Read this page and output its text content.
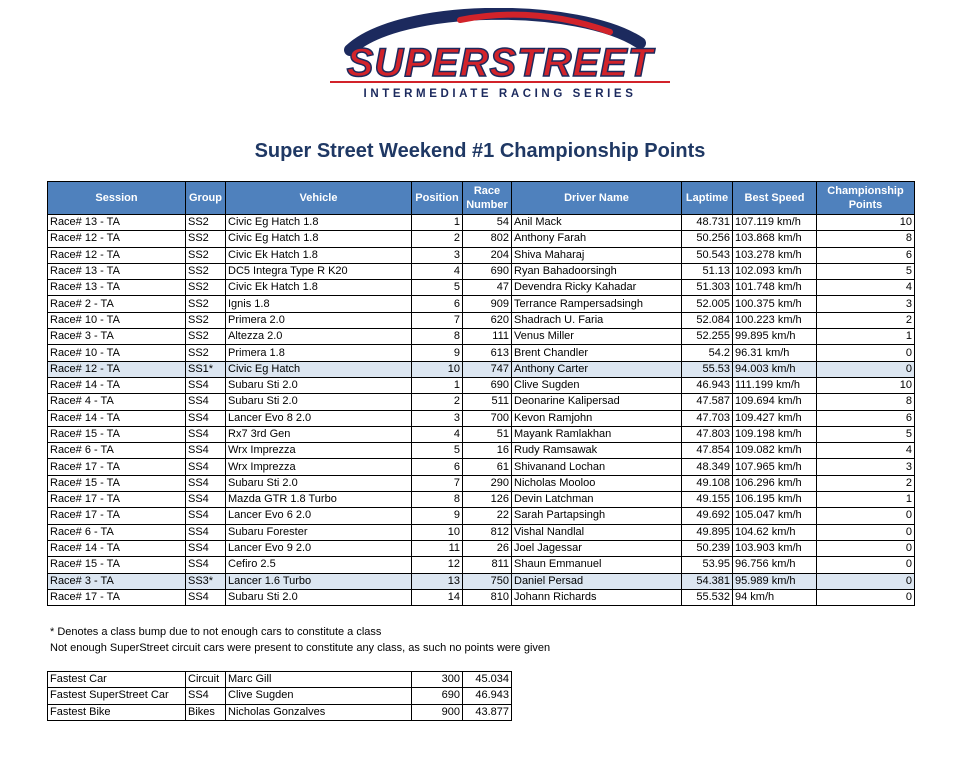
SUPERSTREET
INTERMEDIATE RACING SERIES
Super Street Weekend #1 Championship Points
Session	Group	Vehicle	Position	Race Number	Driver Name	Laptime	Best Speed	Championship Points
Race# 13 - TA	SS2	Civic Eg Hatch 1.8	1	54	Anil Mack	48.731	107.119 km/h	10
Race# 12 - TA	SS2	Civic Eg Hatch 1.8	2	802	Anthony Farah	50.256	103.868 km/h	8
Race# 12 - TA	SS2	Civic Ek Hatch 1.8	3	204	Shiva Maharaj	50.543	103.278 km/h	6
Race# 13 - TA	SS2	DC5 Integra Type R K20	4	690	Ryan Bahadoorsingh	51.13	102.093 km/h	5
Race# 13 - TA	SS2	Civic Ek Hatch 1.8	5	47	Devendra Ricky Kahadar	51.303	101.748 km/h	4
Race# 2 - TA	SS2	Ignis 1.8	6	909	Terrance Rampersadsingh	52.005	100.375 km/h	3
Race# 10 - TA	SS2	Primera 2.0	7	620	Shadrach U. Faria	52.084	100.223 km/h	2
Race# 3 - TA	SS2	Altezza 2.0	8	111	Venus Miller	52.255	99.895 km/h	1
Race# 10 - TA	SS2	Primera 1.8	9	613	Brent Chandler	54.2	96.31 km/h	0
Race# 12 - TA	SS1*	Civic Eg Hatch	10	747	Anthony Carter	55.53	94.003 km/h	0
Race# 14 - TA	SS4	Subaru Sti 2.0	1	690	Clive Sugden	46.943	111.199 km/h	10
Race# 4 - TA	SS4	Subaru Sti 2.0	2	511	Deonarine Kalipersad	47.587	109.694 km/h	8
Race# 14 - TA	SS4	Lancer Evo 8 2.0	3	700	Kevon Ramjohn	47.703	109.427 km/h	6
Race# 15 - TA	SS4	Rx7 3rd Gen	4	51	Mayank Ramlakhan	47.803	109.198 km/h	5
Race# 6 - TA	SS4	Wrx Imprezza	5	16	Rudy Ramsawak	47.854	109.082 km/h	4
Race# 17 - TA	SS4	Wrx Imprezza	6	61	Shivanand Lochan	48.349	107.965 km/h	3
Race# 15 - TA	SS4	Subaru Sti 2.0	7	290	Nicholas Mooloo	49.108	106.296 km/h	2
Race# 17 - TA	SS4	Mazda GTR 1.8 Turbo	8	126	Devin Latchman	49.155	106.195 km/h	1
Race# 17 - TA	SS4	Lancer Evo 6 2.0	9	22	Sarah Partapsingh	49.692	105.047 km/h	0
Race# 6 - TA	SS4	Subaru Forester	10	812	Vishal Nandlal	49.895	104.62 km/h	0
Race# 14 - TA	SS4	Lancer Evo 9 2.0	11	26	Joel Jagessar	50.239	103.903 km/h	0
Race# 15 - TA	SS4	Cefiro 2.5	12	811	Shaun Emmanuel	53.95	96.756 km/h	0
Race# 3 - TA	SS3*	Lancer 1.6 Turbo	13	750	Daniel Persad	54.381	95.989 km/h	0
Race# 17 - TA	SS4	Subaru Sti 2.0	14	810	Johann Richards	55.532	94 km/h	0
* Denotes a class bump due to not enough cars to constitute a class
Not enough SuperStreet circuit cars were present to constitute any class, as such no points were given
Fastest Car	Circuit	Marc Gill	300	45.034
Fastest SuperStreet Car	SS4	Clive Sugden	690	46.943
Fastest Bike	Bikes	Nicholas Gonzalves	900	43.877
